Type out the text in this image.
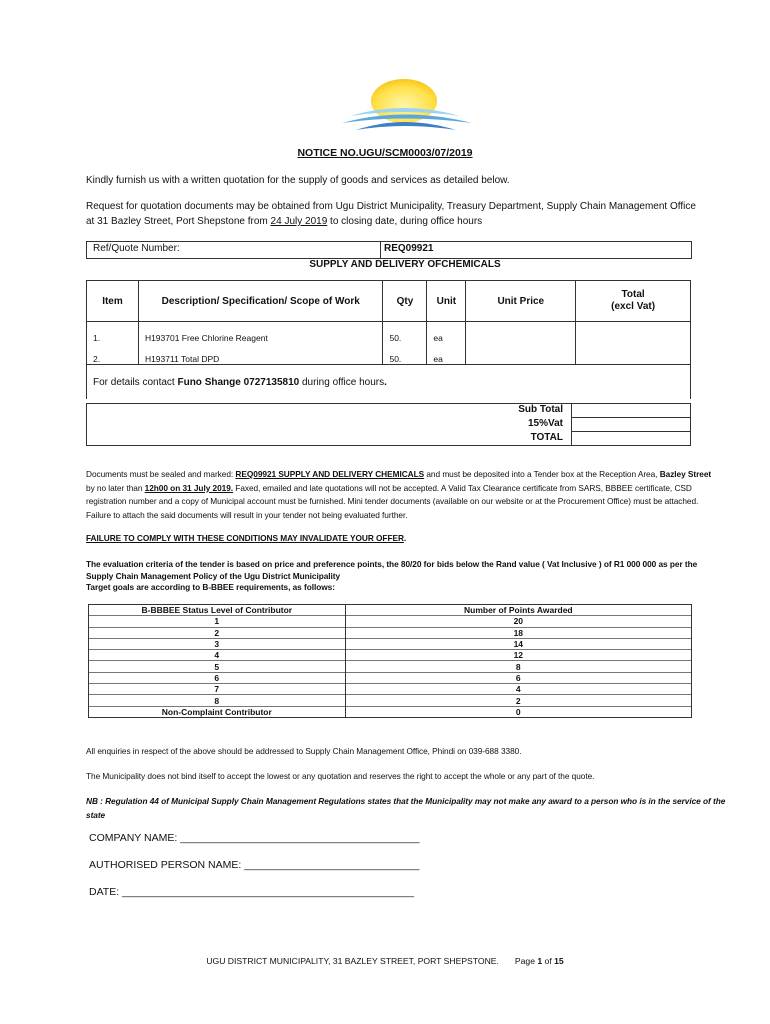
NOTICE NO.UGU/SCM0003/07/2019
Kindly furnish us with a written quotation for the supply of goods and services as detailed below.
Request for quotation documents may be obtained from Ugu District Municipality, Treasury Department, Supply Chain Management Office at 31 Bazley Street, Port Shepstone from 24 July 2019 to closing date, during office hours
Ref/Quote Number:	REQ09921
SUPPLY AND DELIVERY OFCHEMICALS
Item	Description/ Specification/ Scope of Work	Qty	Unit	Unit Price	Total
(excl Vat)
1.	H193701 Free Chlorine Reagent	50.	ea		
2.	H193711 Total DPD	50.	ea		
For details contact Funo Shange 0727135810 during office hours.					
Sub Total
15%Vat
TOTAL
Documents must be sealed and marked: REQ09921 SUPPLY AND DELIVERY CHEMICALS and must be deposited into a Tender box at the Reception Area, Bazley Street by no later than 12h00 on 31 July 2019. Faxed, emailed and late quotations will not be accepted. A Valid Tax Clearance certificate from SARS, BBBEE certificate, CSD registration number and a copy of Municipal account must be furnished. Mini tender documents (available on our website or at the Procurement Office) must be attached. Failure to attach the said documents will result in your tender not being evaluated further.
FAILURE TO COMPLY WITH THESE CONDITIONS MAY INVALIDATE YOUR OFFER.
The evaluation criteria of the tender is based on price and preference points, the 80/20 for bids below the Rand value ( Vat Inclusive ) of R1 000 000 as per the
Supply Chain Management Policy of the Ugu District Municipality
Target goals are according to B-BBEE requirements, as follows:
B-BBBEE Status Level of Contributor	Number of Points Awarded
1	20
2	18
3	14
4	12
5	8
6	6
7	4
8	2
Non-Complaint Contributor	0
All enquiries in respect of the above should be addressed to Supply Chain Management Office, Phindi on 039-688 3380.
The Municipality does not bind itself to accept the lowest or any quotation and reserves the right to accept the whole or any part of the quote.
NB : Regulation 44 of Municipal Supply Chain Management Regulations states that the Municipality may not make any award to a person who is in the service of the state
COMPANY NAME: _________________________________________
AUTHORISED PERSON NAME: ______________________________
DATE: __________________________________________________
UGU DISTRICT MUNICIPALITY, 31 BAZLEY STREET, PORT SHEPSTONE. Page 1 of 15
